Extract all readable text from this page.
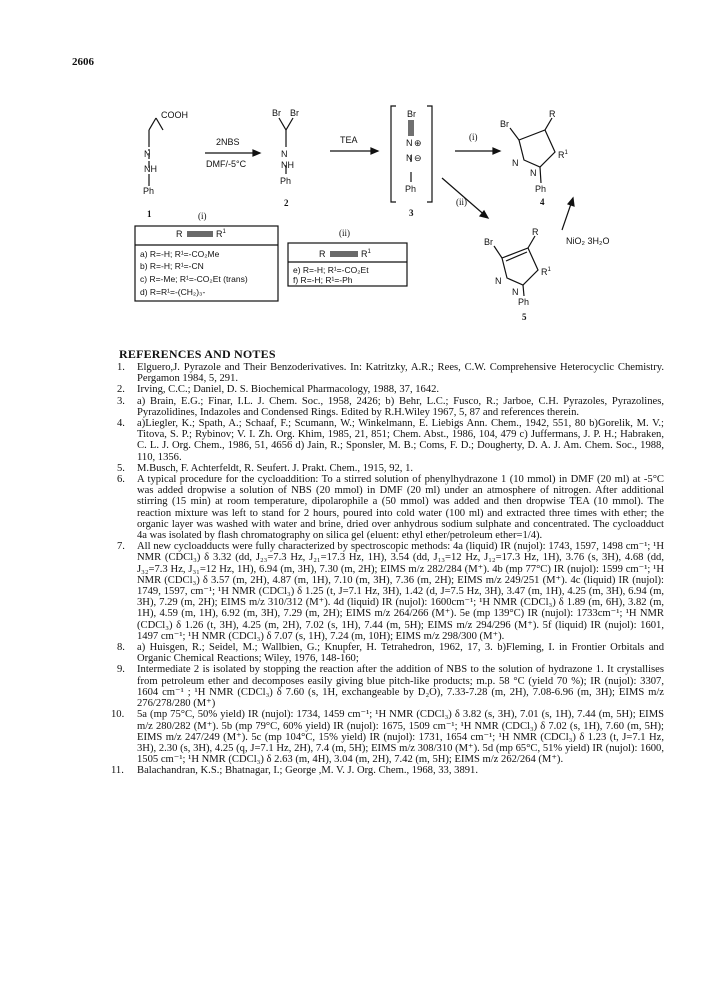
2606
COOH
N
NH
Ph
1
2NBS
DMF/-5°C
Br Br
N
NH
Ph
2
TEA
Br
N ⊕
N ⊖
Ph
3
(i)
(ii)
Br
R
N
N
$R^1$
Ph
4
NiO₂ 3H₂O
Br
R
N
N
$R^1$
Ph
5
(i)
R	$R^1$
a) R=-H; R¹=-CO₂Me
b) R=-H; R¹=-CN
c) R=-Me; R¹=-CO₂Et (trans)
d) R=R¹=-(CH₂)₃-
(ii)
R	$R^1$
e) R=-H; R¹=-CO₂Et
f) R=-H; R¹=-Ph
REFERENCES AND NOTES
1. Elguero,J. Pyrazole and Their Benzoderivatives. In: Katritzky, A.R.; Rees, C.W. Comprehensive Heterocyclic Chemistry. Pergamon 1984, 5, 291.
2. Irving, C.C.; Daniel, D. S. Biochemical Pharmacology, 1988, 37, 1642.
3. a) Brain, E.G.; Finar, I.L. J. Chem. Soc., 1958, 2426; b) Behr, L.C.; Fusco, R.; Jarboe, C.H. Pyrazoles, Pyrazolines, Pyrazolidines, Indazoles and Condensed Rings. Edited by R.H.Wiley 1967, 5, 87 and references therein.
4. a)Liegler, K.; Spath, A.; Schaaf, F.; Scumann, W.; Winkelmann, E. Liebigs Ann. Chem., 1942, 551, 80 b)Gorelik, M. V.; Titova, S. P.; Rybinov; V. I. Zh. Org. Khim, 1985, 21, 851; Chem. Abst., 1986, 104, 479 c) Juffermans, J. P. H.; Habraken, C. L. J. Org. Chem., 1986, 51, 4656 d) Jain, R.; Sponsler, M. B.; Coms, F. D.; Dougherty, D. A. J. Am. Chem. Soc., 1988, 110, 1356.
5. M.Busch, F. Achterfeldt, R. Seufert. J. Prakt. Chem., 1915, 92, 1.
6. A typical procedure for the cycloaddition: To a stirred solution of phenylhydrazone 1 (10 mmol) in DMF (20 ml) at -5°C was added dropwise a solution of NBS (20 mmol) in DMF (20 ml) under an atmosphere of nitrogen. After additional stirring (15 min) at room temperature, dipolarophile a (50 mmol) was added and then dropwise TEA (10 mmol). The reaction mixture was left to stand for 2 hours, poured into cold water (100 ml) and extracted three times with ether; the organic layer was washed with water and brine, dried over anhydrous sodium sulphate and concentrated. The cycloadduct 4a was isolated by flash chromatography on silica gel (eluent: ethyl ether/petroleum ether=1/4).
7. All new cycloadducts were fully characterized by spectroscopic methods: 4a (liquid) IR (nujol): 1743, 1597, 1498 cm⁻¹; ¹H NMR (CDCl₃) δ 3.32 (dd, J₂₃=7.3 Hz, J₂₁=17.3 Hz, 1H), 3.54 (dd, J₁₃=12 Hz, J₁₂=17.3 Hz, 1H), 3.76 (s, 3H), 4.68 (dd, J₃₂=7.3 Hz, J₃₁=12 Hz, 1H), 6.94 (m, 3H), 7.30 (m, 2H); EIMS m/z 282/284 (M⁺). 4b (mp 77°C) IR (nujol): 1599 cm⁻¹; ¹H NMR (CDCl₃) δ 3.57 (m, 2H), 4.87 (m, 1H), 7.10 (m, 3H), 7.36 (m, 2H); EIMS m/z 249/251 (M⁺). 4c (liquid) IR (nujol): 1749, 1597, cm⁻¹; ¹H NMR (CDCl₃) δ 1.25 (t, J=7.1 Hz, 3H), 1.42 (d, J=7.5 Hz, 3H), 3.47 (m, 1H), 4.25 (m, 3H), 6.94 (m, 3H), 7.29 (m, 2H); EIMS m/z 310/312 (M⁺). 4d (liquid) IR (nujol): 1600cm⁻¹; ¹H NMR (CDCl₃) δ 1.89 (m, 6H), 3.82 (m, 1H), 4.59 (m, 1H), 6.92 (m, 3H), 7.29 (m, 2H); EIMS m/z 264/266 (M⁺). 5e (mp 139°C) IR (nujol): 1733cm⁻¹; ¹H NMR (CDCl₃) δ 1.26 (t, 3H), 4.25 (m, 2H), 7.02 (s, 1H), 7.44 (m, 5H); EIMS m/z 294/296 (M⁺). 5f (liquid) IR (nujol): 1601, 1497 cm⁻¹; ¹H NMR (CDCl₃) δ 7.07 (s, 1H), 7.24 (m, 10H); EIMS m/z 298/300 (M⁺).
8. a) Huisgen, R.; Seidel, M.; Wallbien, G.; Knupfer, H. Tetrahedron, 1962, 17, 3. b)Fleming, I. in Frontier Orbitals and Organic Chemical Reactions; Wiley, 1976, 148-160;
9. Intermediate 2 is isolated by stopping the reaction after the addition of NBS to the solution of hydrazone 1. It crystallises from petroleum ether and decomposes easily giving blue pitch-like products; m.p. 58 °C (yield 70 %); IR (nujol): 3307, 1604 cm⁻¹ ; ¹H NMR (CDCl₃) δ 7.60 (s, 1H, exchangeable by D₂O), 7.33-7.28 (m, 2H), 7.08-6.96 (m, 3H); EIMS m/z 276/278/280 (M⁺)
10. 5a (mp 75°C, 50% yield) IR (nujol): 1734, 1459 cm⁻¹; ¹H NMR (CDCl₃) δ 3.82 (s, 3H), 7.01 (s, 1H), 7.44 (m, 5H); EIMS m/z 280/282 (M⁺). 5b (mp 79°C, 60% yield) IR (nujol): 1675, 1509 cm⁻¹; ¹H NMR (CDCl₃) δ 7.02 (s, 1H), 7.60 (m, 5H); EIMS m/z 247/249 (M⁺). 5c (mp 104°C, 15% yield) IR (nujol): 1731, 1654 cm⁻¹; ¹H NMR (CDCl₃) δ 1.23 (t, J=7.1 Hz, 3H), 2.30 (s, 3H), 4.25 (q, J=7.1 Hz, 2H), 7.4 (m, 5H); EIMS m/z 308/310 (M⁺). 5d (mp 65°C, 51% yield) IR (nujol): 1600, 1505 cm⁻¹; ¹H NMR (CDCl₃) δ 2.63 (m, 4H), 3.04 (m, 2H), 7.42 (m, 5H); EIMS m/z 262/264 (M⁺).
11. Balachandran, K.S.; Bhatnagar, I.; George ,M. V. J. Org. Chem., 1968, 33, 3891.
